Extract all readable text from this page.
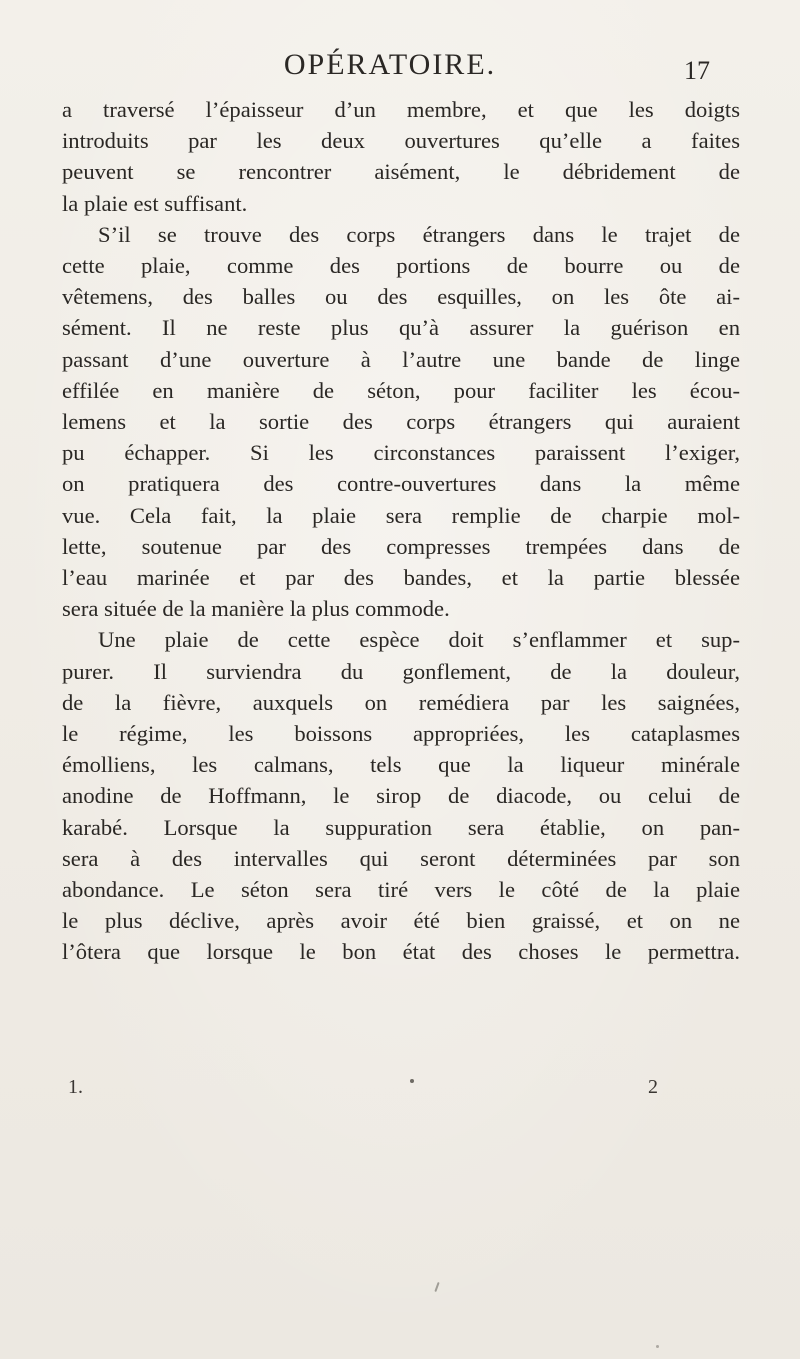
OPÉRATOIRE.	17
a traversé l’épaisseur d’un membre, et que les doigts
introduits par les deux ouvertures qu’elle a faites
peuvent se rencontrer aisément, le débridement de
la plaie est suffisant.
S’il se trouve des corps étrangers dans le trajet de
cette plaie, comme des portions de bourre ou de
vêtemens, des balles ou des esquilles, on les ôte ai-
sément. Il ne reste plus qu’à assurer la guérison en
passant d’une ouverture à l’autre une bande de linge
effilée en manière de séton, pour faciliter les écou-
lemens et la sortie des corps étrangers qui auraient
pu échapper. Si les circonstances paraissent l’exiger,
on pratiquera des contre-ouvertures dans la même
vue. Cela fait, la plaie sera remplie de charpie mol-
lette, soutenue par des compresses trempées dans de
l’eau marinée et par des bandes, et la partie blessée
sera située de la manière la plus commode.
Une plaie de cette espèce doit s’enflammer et sup-
purer. Il surviendra du gonflement, de la douleur,
de la fièvre, auxquels on remédiera par les saignées,
le régime, les boissons appropriées, les cataplasmes
émolliens, les calmans, tels que la liqueur minérale
anodine de Hoffmann, le sirop de diacode, ou celui de
karabé. Lorsque la suppuration sera établie, on pan-
sera à des intervalles qui seront déterminées par son
abondance. Le séton sera tiré vers le côté de la plaie
le plus déclive, après avoir été bien graissé, et on ne
l’ôtera que lorsque le bon état des choses le permettra.
1.	2
